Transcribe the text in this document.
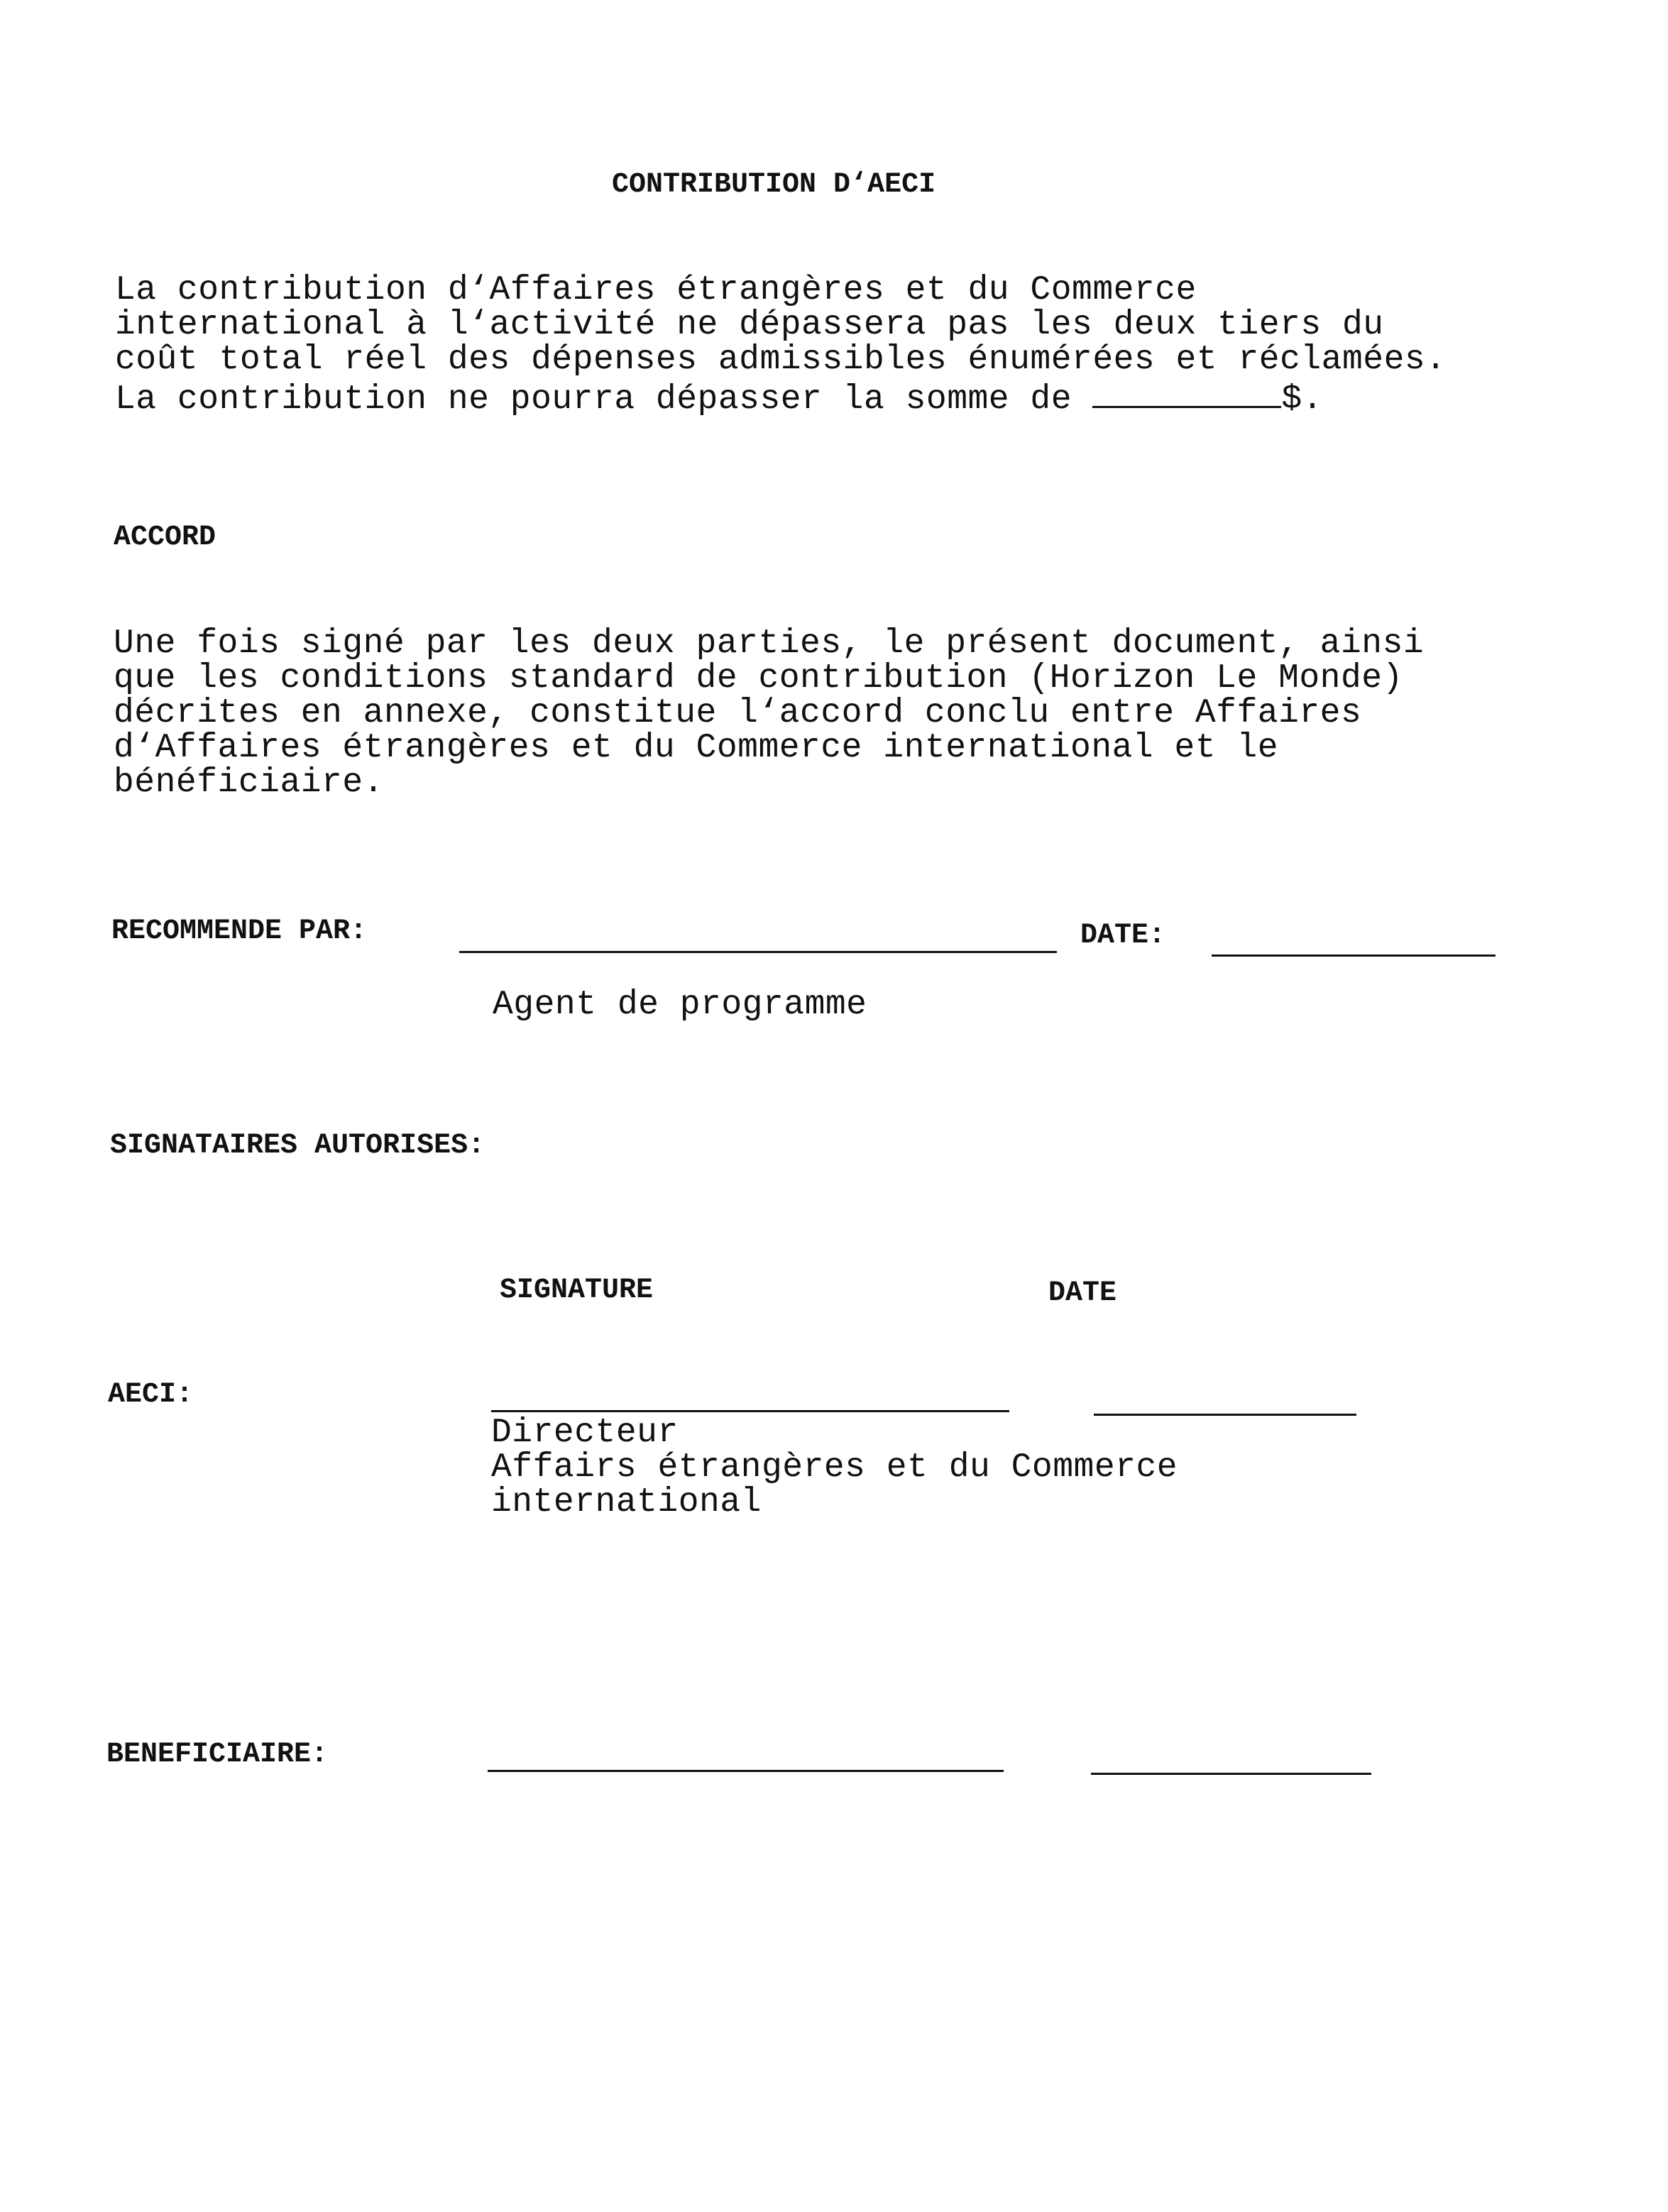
CONTRIBUTION D‘AECI
La contribution d‘Affaires étrangères et du Commerce
international à l‘activité ne dépassera pas les deux tiers du
coût total réel des dépenses admissibles énumérées et réclamées.
La contribution ne pourra dépasser la somme de	$.
ACCORD
Une fois signé par les deux parties, le présent document, ainsi
que les conditions standard de contribution (Horizon Le Monde)
décrites en annexe, constitue l‘accord conclu entre Affaires
d‘Affaires étrangères et du Commerce international et le
bénéficiaire.
RECOMMENDE PAR:	DATE:
Agent de programme
SIGNATAIRES AUTORISES:
SIGNATURE	DATE
AECI:
Directeur
Affairs étrangères et du Commerce
international
BENEFICIAIRE:
